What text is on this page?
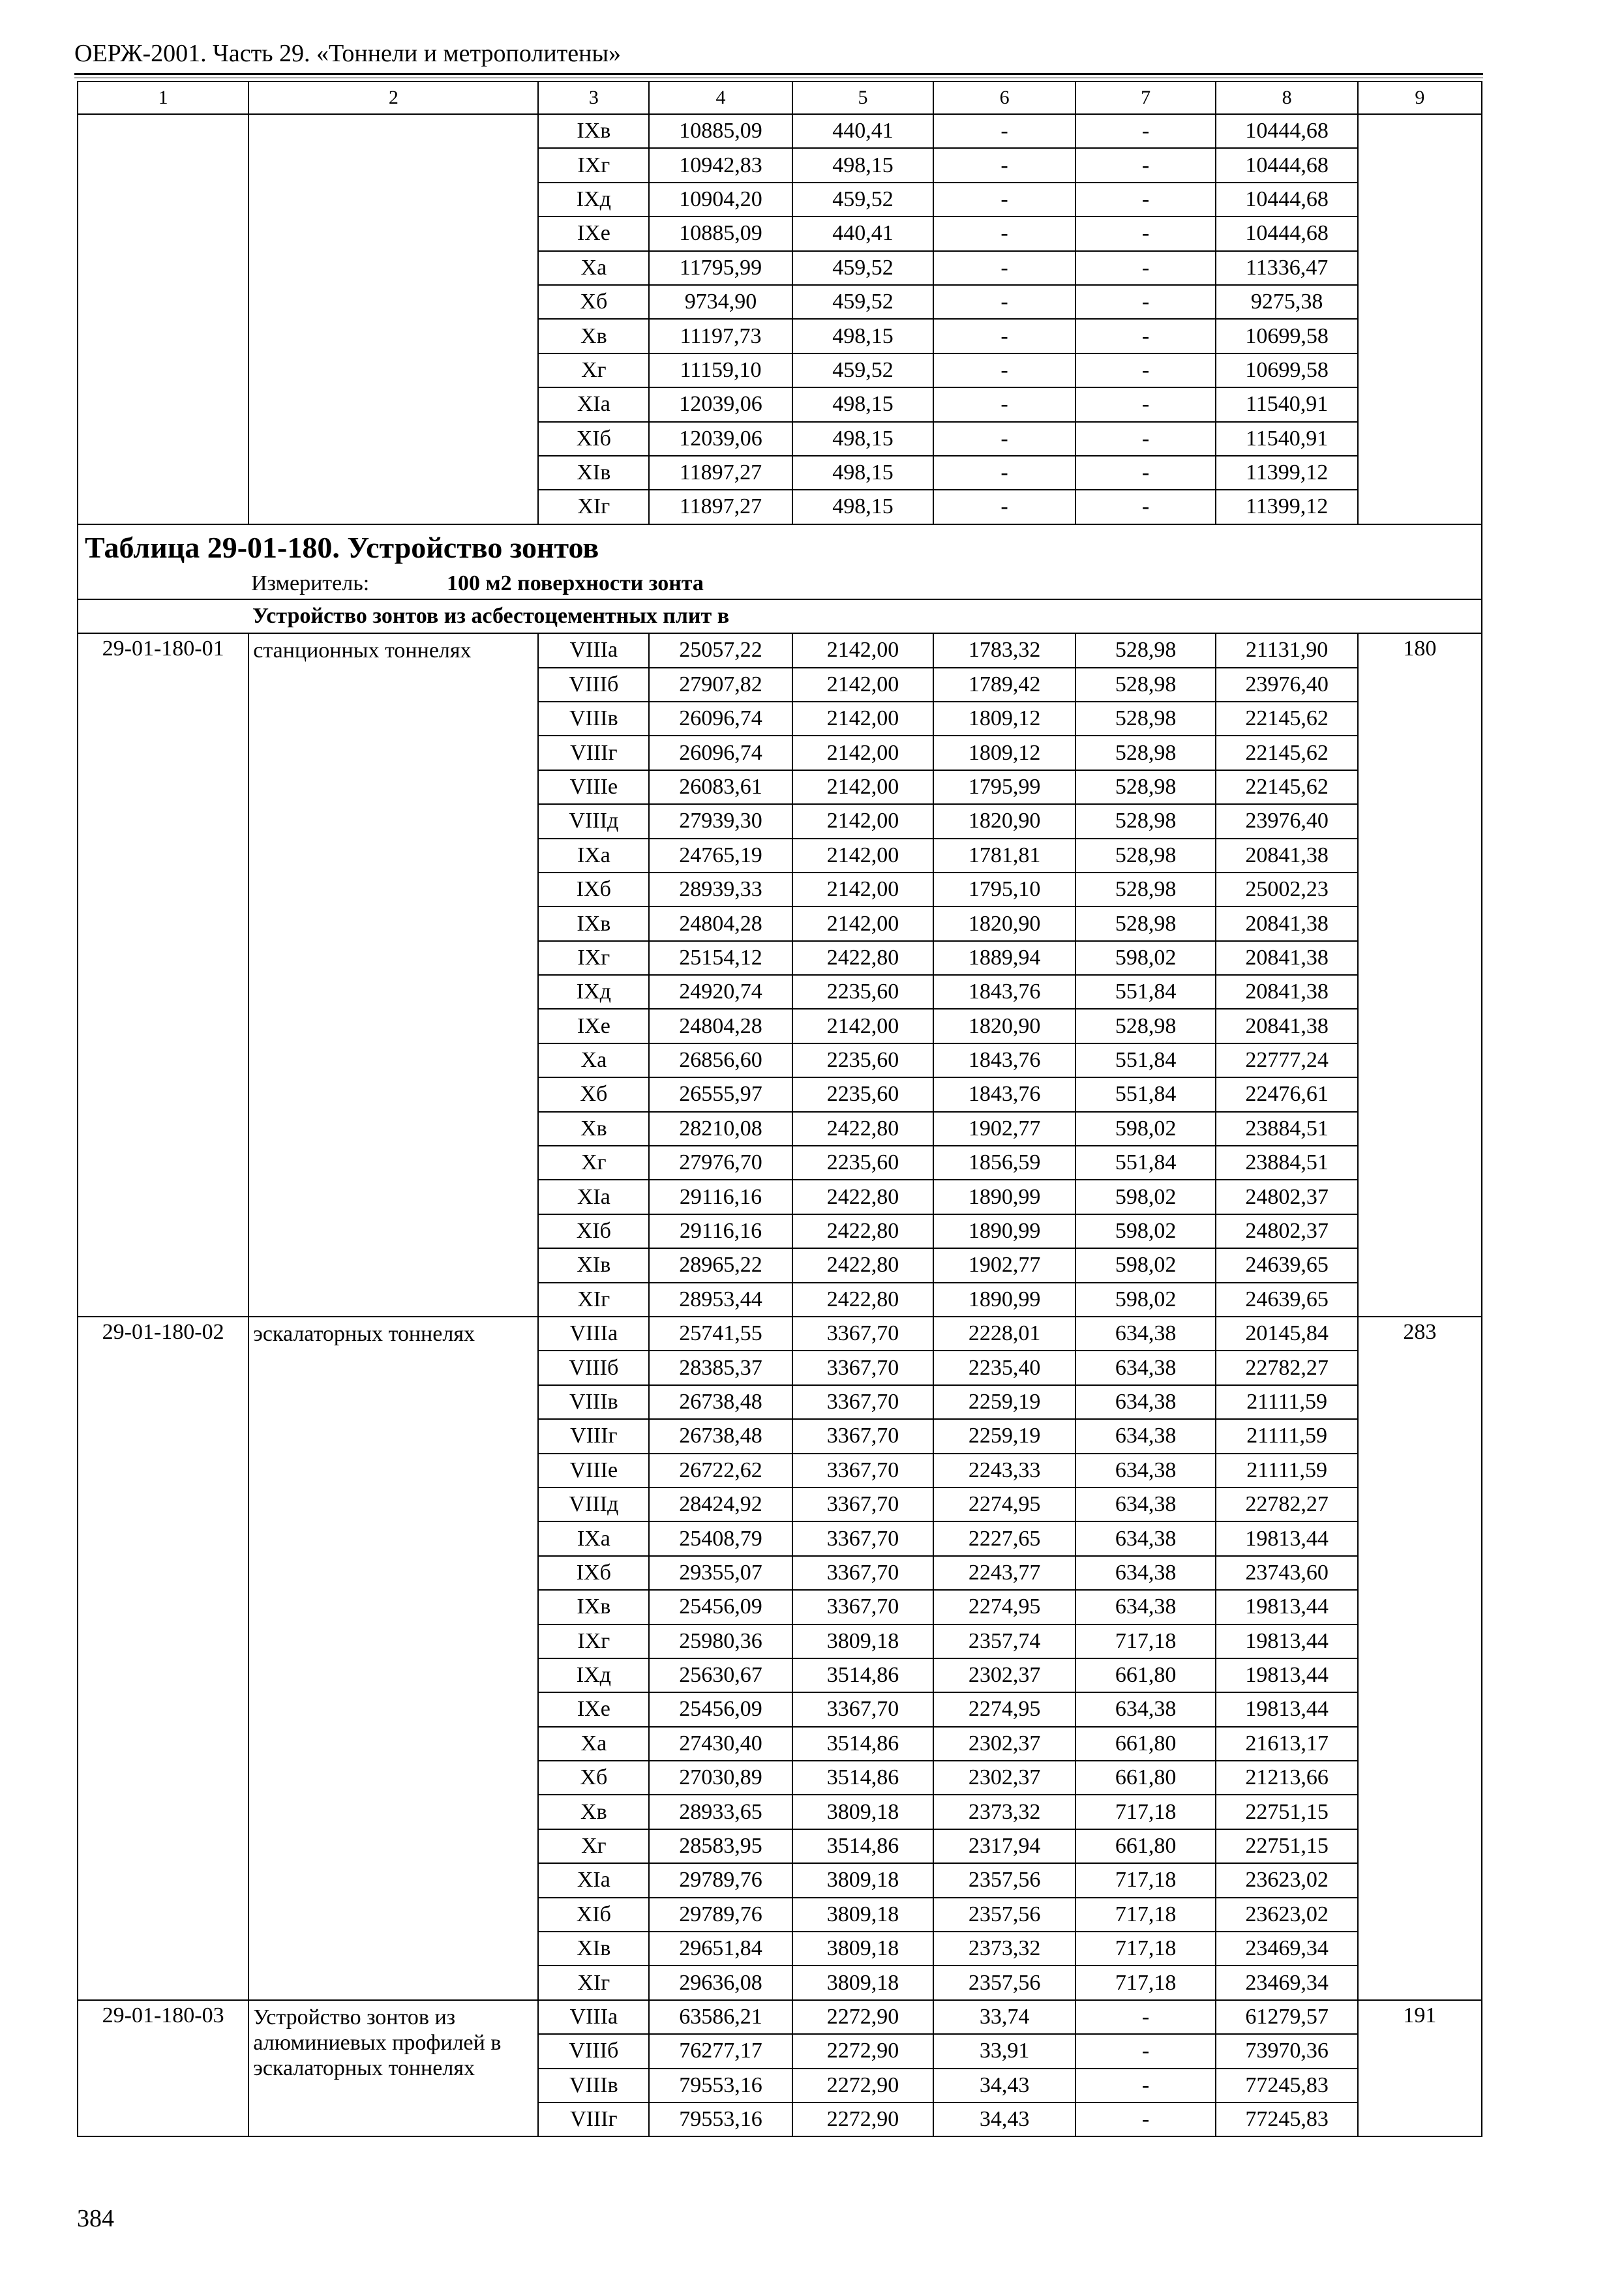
ОЕРЖ-2001. Часть 29. «Тоннели и метрополитены»
1	2	3	4	5	6	7	8	9
		IXв	10885,09	440,41	-	-	10444,68	
		IXг	10942,83	498,15	-	-	10444,68	
		IXд	10904,20	459,52	-	-	10444,68	
		IXе	10885,09	440,41	-	-	10444,68	
		Xа	11795,99	459,52	-	-	11336,47	
		Xб	9734,90	459,52	-	-	9275,38	
		Xв	11197,73	498,15	-	-	10699,58	
		Xг	11159,10	459,52	-	-	10699,58	
		XIа	12039,06	498,15	-	-	11540,91	
		XIб	12039,06	498,15	-	-	11540,91	
		XIв	11897,27	498,15	-	-	11399,12	
		XIг	11897,27	498,15	-	-	11399,12	

Таблица 29-01-180. Устройство зонтов
Измеритель: 100 м2 поверхности зонта								

Устройство зонтов из асбестоцементных плит в								
29-01-180-01	станционных тоннелях	VIIIа	25057,22	2142,00	1783,32	528,98	21131,90	180
		VIIIб	27907,82	2142,00	1789,42	528,98	23976,40	
		VIIIв	26096,74	2142,00	1809,12	528,98	22145,62	
		VIIIг	26096,74	2142,00	1809,12	528,98	22145,62	
		VIIIе	26083,61	2142,00	1795,99	528,98	22145,62	
		VIIIд	27939,30	2142,00	1820,90	528,98	23976,40	
		IXа	24765,19	2142,00	1781,81	528,98	20841,38	
		IXб	28939,33	2142,00	1795,10	528,98	25002,23	
		IXв	24804,28	2142,00	1820,90	528,98	20841,38	
		IXг	25154,12	2422,80	1889,94	598,02	20841,38	
		IXд	24920,74	2235,60	1843,76	551,84	20841,38	
		IXе	24804,28	2142,00	1820,90	528,98	20841,38	
		Xа	26856,60	2235,60	1843,76	551,84	22777,24	
		Xб	26555,97	2235,60	1843,76	551,84	22476,61	
		Xв	28210,08	2422,80	1902,77	598,02	23884,51	
		Xг	27976,70	2235,60	1856,59	551,84	23884,51	
		XIа	29116,16	2422,80	1890,99	598,02	24802,37	
		XIб	29116,16	2422,80	1890,99	598,02	24802,37	
		XIв	28965,22	2422,80	1902,77	598,02	24639,65	
		XIг	28953,44	2422,80	1890,99	598,02	24639,65	
29-01-180-02	эскалаторных тоннелях	VIIIа	25741,55	3367,70	2228,01	634,38	20145,84	283
		VIIIб	28385,37	3367,70	2235,40	634,38	22782,27	
		VIIIв	26738,48	3367,70	2259,19	634,38	21111,59	
		VIIIг	26738,48	3367,70	2259,19	634,38	21111,59	
		VIIIе	26722,62	3367,70	2243,33	634,38	21111,59	
		VIIIд	28424,92	3367,70	2274,95	634,38	22782,27	
		IXа	25408,79	3367,70	2227,65	634,38	19813,44	
		IXб	29355,07	3367,70	2243,77	634,38	23743,60	
		IXв	25456,09	3367,70	2274,95	634,38	19813,44	
		IXг	25980,36	3809,18	2357,74	717,18	19813,44	
		IXд	25630,67	3514,86	2302,37	661,80	19813,44	
		IXе	25456,09	3367,70	2274,95	634,38	19813,44	
		Xа	27430,40	3514,86	2302,37	661,80	21613,17	
		Xб	27030,89	3514,86	2302,37	661,80	21213,66	
		Xв	28933,65	3809,18	2373,32	717,18	22751,15	
		Xг	28583,95	3514,86	2317,94	661,80	22751,15	
		XIа	29789,76	3809,18	2357,56	717,18	23623,02	
		XIб	29789,76	3809,18	2357,56	717,18	23623,02	
		XIв	29651,84	3809,18	2373,32	717,18	23469,34	
		XIг	29636,08	3809,18	2357,56	717,18	23469,34	
29-01-180-03	Устройство зонтов из алюминиевых профилей в эскалаторных тоннелях	VIIIа	63586,21	2272,90	33,74	-	61279,57	191
		VIIIб	76277,17	2272,90	33,91	-	73970,36	
		VIIIв	79553,16	2272,90	34,43	-	77245,83	
		VIIIг	79553,16	2272,90	34,43	-	77245,83	
384
